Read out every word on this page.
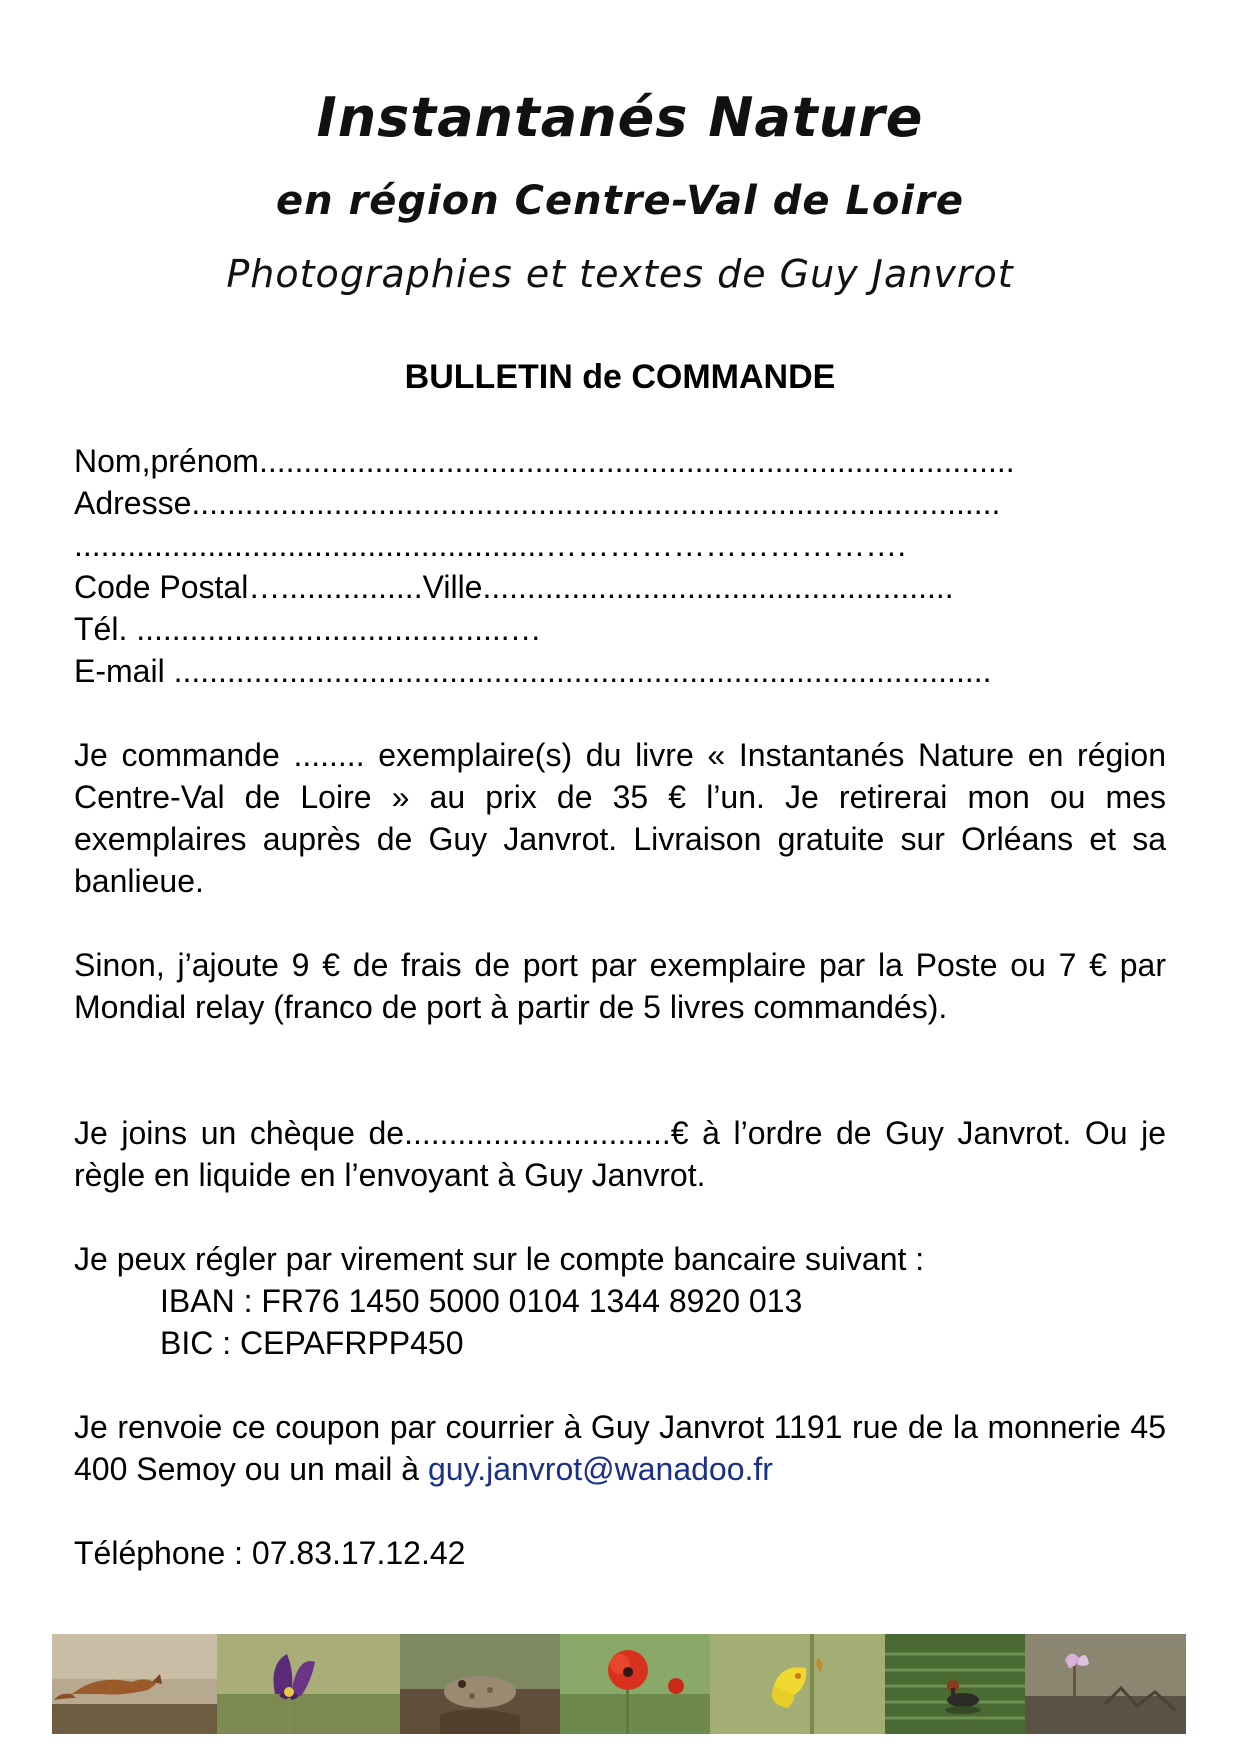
Instantanés Nature
en région Centre-Val de Loire
Photographies et textes de Guy Janvrot
BULLETIN de COMMANDE
Nom,prénom.....................................................................................
Adresse...........................................................................................
.....................................................…………………………….
Code Postal…................Ville.....................................................
Tél. ..........................................…
E-mail ............................................................................................
Je commande ........ exemplaire(s) du livre « Instantanés Nature en région Centre-Val de Loire » au prix de 35 € l’un. Je retirerai mon ou mes exemplaires auprès de Guy Janvrot. Livraison gratuite sur Orléans et sa banlieue.
Sinon, j’ajoute 9 € de frais de port par exemplaire par la Poste ou 7 € par Mondial relay (franco de port à partir de 5 livres commandés).
Je joins un chèque de..............................€ à l’ordre de Guy Janvrot. Ou je règle en liquide en l’envoyant à Guy Janvrot.
Je peux régler par virement sur le compte bancaire suivant :
IBAN : FR76 1450 5000 0104 1344 8920 013
BIC : CEPAFRPP450
Je renvoie ce coupon par courrier à Guy Janvrot 1191 rue de la monnerie 45 400 Semoy ou un mail à guy.janvrot@wanadoo.fr
Téléphone : 07.83.17.12.42
